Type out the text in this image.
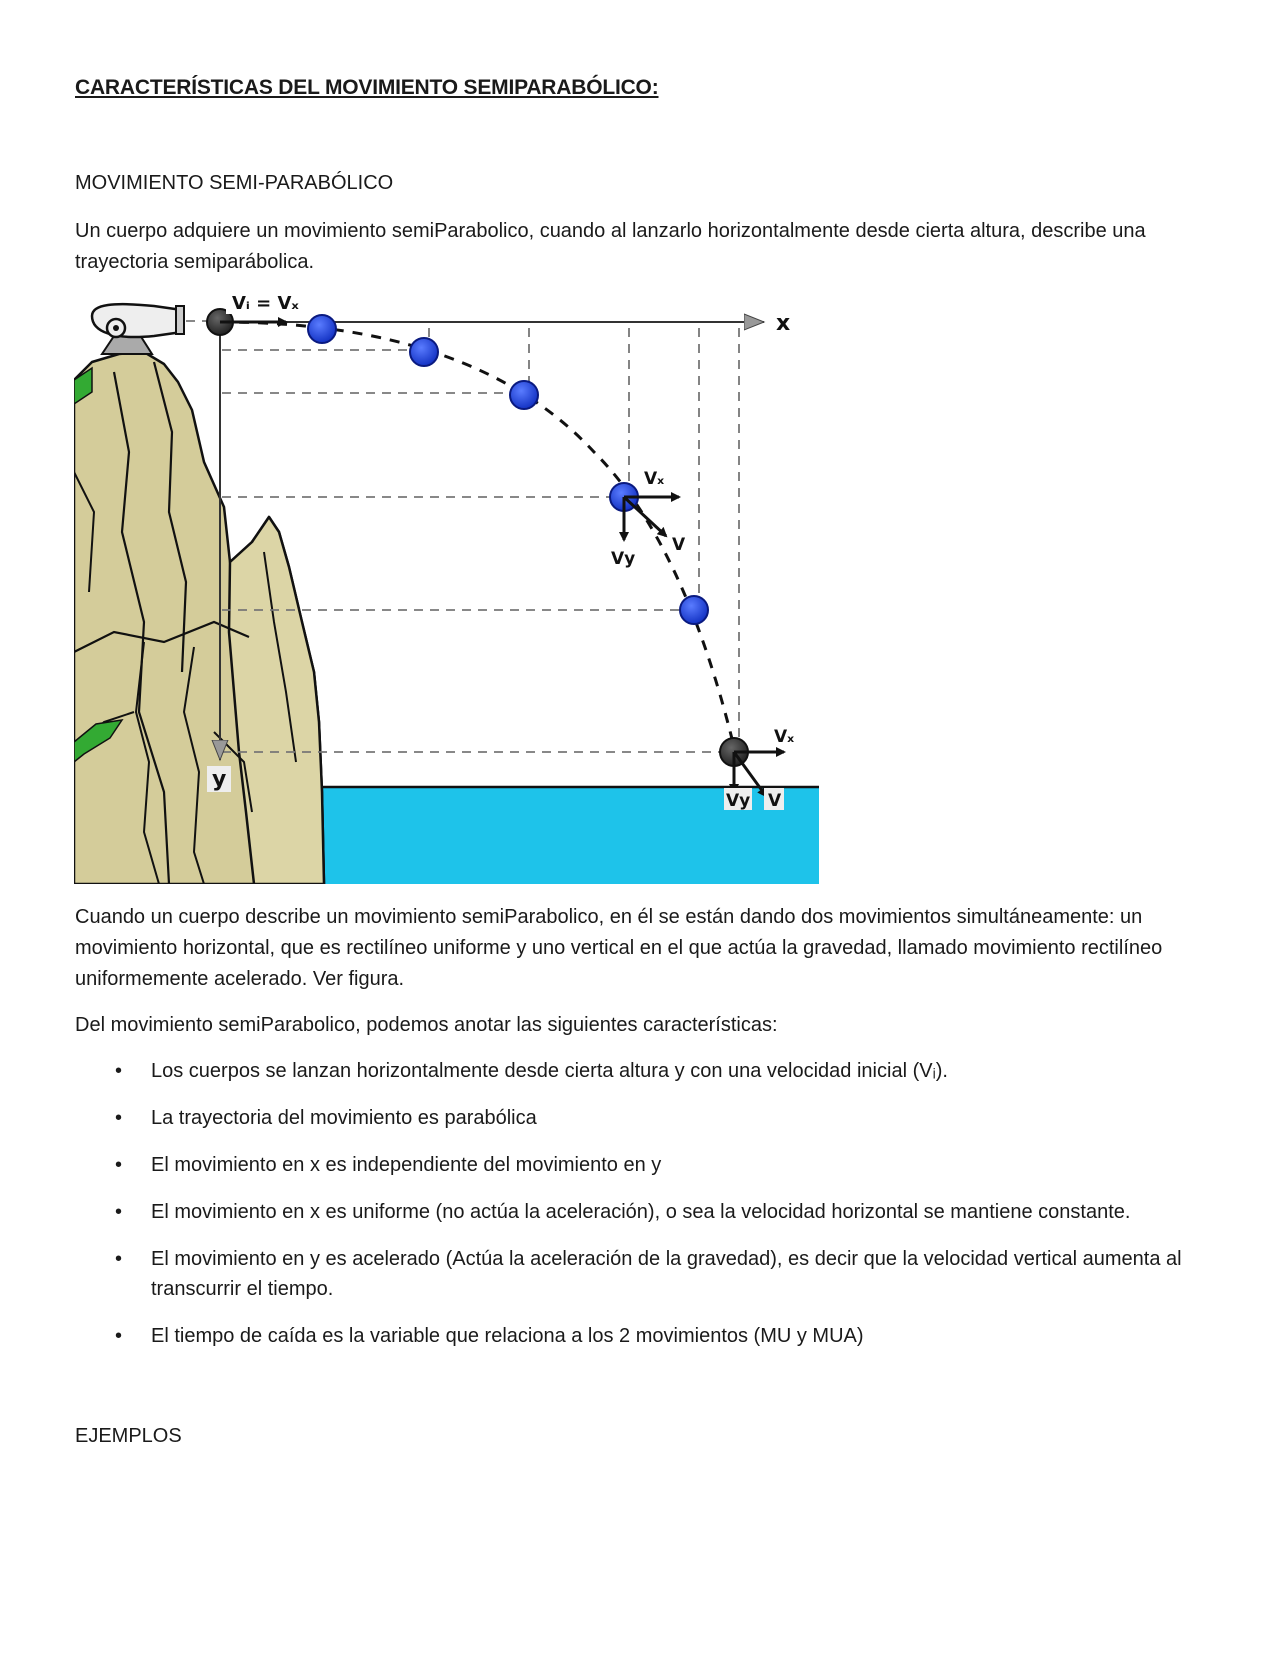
CARACTERÍSTICAS DEL MOVIMIENTO SEMIPARABÓLICO:
MOVIMIENTO SEMI-PARABÓLICO
Un cuerpo adquiere un movimiento semiParabolico, cuando al lanzarlo horizontalmente desde cierta altura, describe una trayectoria semiparábolica.
x
y
Vᵢ = Vₓ
Vₓ
Vy
V
Vₓ
Vy V
Cuando un cuerpo describe un movimiento semiParabolico, en él se están dando dos movimientos simultáneamente: un movimiento horizontal, que es rectilíneo uniforme y uno vertical en el que actúa la gravedad, llamado movimiento rectilíneo uniformemente acelerado. Ver figura.
Del movimiento semiParabolico, podemos anotar las siguientes características:
• Los cuerpos se lanzan horizontalmente desde cierta altura y con una velocidad inicial (Vᵢ).
• La trayectoria del movimiento es parabólica
• El movimiento en x es independiente del movimiento en y
• El movimiento en x es uniforme (no actúa la aceleración), o sea la velocidad horizontal se mantiene constante.
• El movimiento en y es acelerado (Actúa la aceleración de la gravedad), es decir que la velocidad vertical aumenta al transcurrir el tiempo.
• El tiempo de caída es la variable que relaciona a los 2 movimientos (MU y MUA)
EJEMPLOS
